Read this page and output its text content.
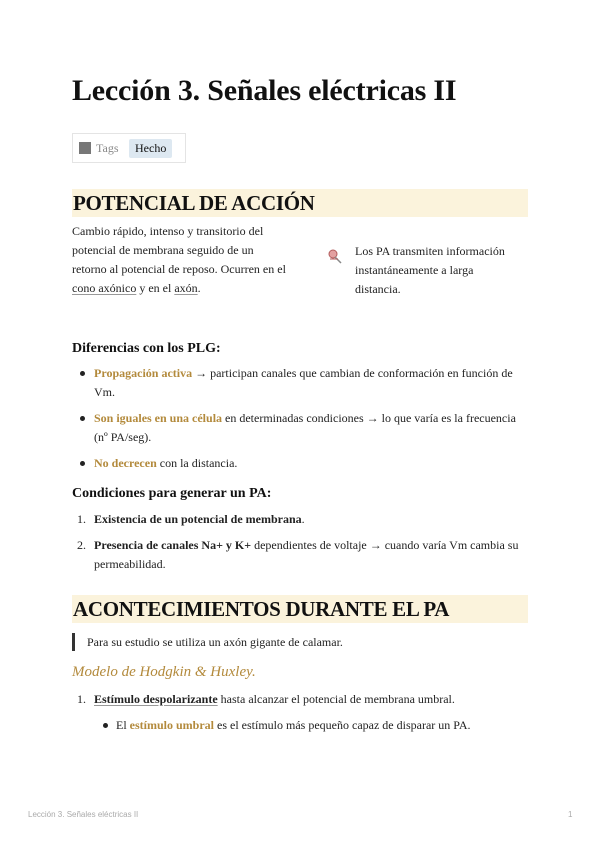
Lección 3. Señales eléctricas II
Tags	Hecho
POTENCIAL DE ACCIÓN
Cambio rápido, intenso y transitorio del
potencial de membrana seguido de un
retorno al potencial de reposo. Ocurren en el
cono axónico y en el axón.
Los PA transmiten información
instantáneamente a larga
distancia.
Diferencias con los PLG:
Propagación activa → participan canales que cambian de conformación en función de
Vm.
Son iguales en una célula en determinadas condiciones → lo que varía es la frecuencia
(nº PA/seg).
No decrecen con la distancia.
Condiciones para generar un PA:
1. Existencia de un potencial de membrana.
2. Presencia de canales Na+ y K+ dependientes de voltaje → cuando varía Vm cambia su
permeabilidad.
ACONTECIMIENTOS DURANTE EL PA
Para su estudio se utiliza un axón gigante de calamar.
Modelo de Hodgkin & Huxley.
1. Estímulo despolarizante hasta alcanzar el potencial de membrana umbral.
El estímulo umbral es el estímulo más pequeño capaz de disparar un PA.
Lección 3. Señales eléctricas II	1
